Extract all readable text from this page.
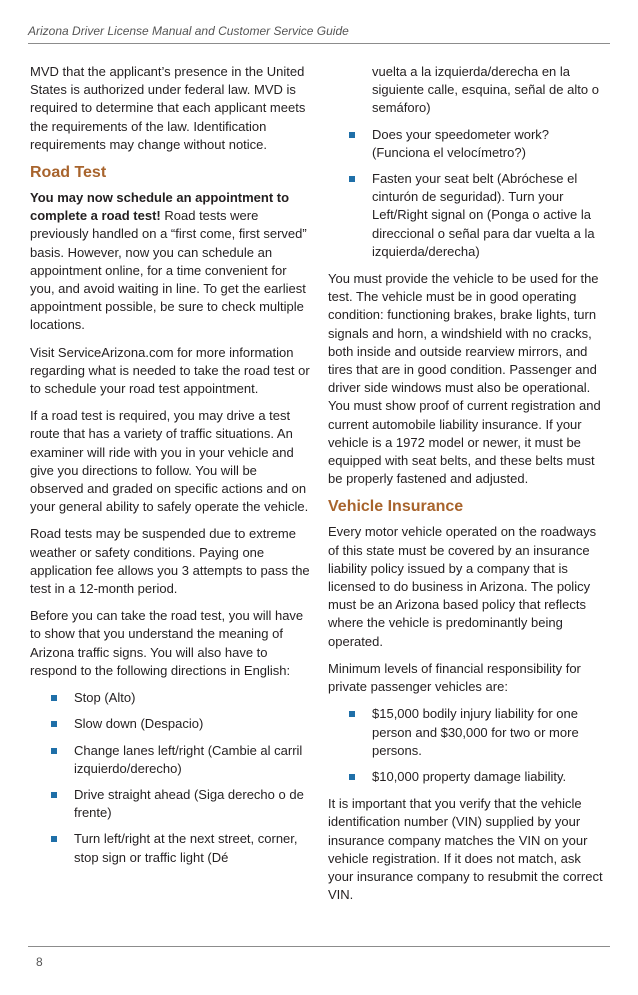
Arizona Driver License Manual and Customer Service Guide

MVD that the applicant’s presence in the United States is authorized under federal law. MVD is required to determine that each applicant meets the requirements of the law. Identification requirements may change without notice.

Road Test

You may now schedule an appointment to complete a road test! Road tests were previously handled on a “first come, first served” basis. However, now you can schedule an appointment online, for a time convenient for you, and avoid waiting in line. To get the earliest appointment possible, be sure to check multiple locations.

Visit ServiceArizona.com for more information regarding what is needed to take the road test or to schedule your road test appointment.

If a road test is required, you may drive a test route that has a variety of traffic situations. An examiner will ride with you in your vehicle and give you directions to follow. You will be observed and graded on specific actions and on your general ability to safely operate the vehicle.

Road tests may be suspended due to extreme weather or safety conditions. Paying one application fee allows you 3 attempts to pass the test in a 12-month period.

Before you can take the road test, you will have to show that you understand the meaning of Arizona traffic signs. You will also have to respond to the following directions in English:

Stop (Alto)
Slow down (Despacio)
Change lanes left/right (Cambie al carril izquierdo/derecho)
Drive straight ahead (Siga derecho o de frente)
Turn left/right at the next street, corner, stop sign or traffic light (Dé
vuelta a la izquierda/derecha en la siguiente calle, esquina, señal de alto o semáforo)
Does your speedometer work? (Funciona el velocímetro?)
Fasten your seat belt (Abróchese el cinturón de seguridad). Turn your Left/Right signal on (Ponga o active la direccional o señal para dar vuelta a la izquierda/derecha)

You must provide the vehicle to be used for the test. The vehicle must be in good operating condition: functioning brakes, brake lights, turn signals and horn, a windshield with no cracks, both inside and outside rearview mirrors, and tires that are in good condition. Passenger and driver side windows must also be operational. You must show proof of current registration and current automobile liability insurance. If your vehicle is a 1972 model or newer, it must be equipped with seat belts, and these belts must be properly fastened and adjusted.

Vehicle Insurance

Every motor vehicle operated on the roadways of this state must be covered by an insurance liability policy issued by a company that is licensed to do business in Arizona. The policy must be an Arizona based policy that reflects where the vehicle is predominantly being operated.

Minimum levels of financial responsibility for private passenger vehicles are:

$15,000 bodily injury liability for one person and $30,000 for two or more persons.
$10,000 property damage liability.

It is important that you verify that the vehicle identification number (VIN) supplied by your insurance company matches the VIN on your vehicle registration. If it does not match, ask your insurance company to resubmit the correct VIN.

8
